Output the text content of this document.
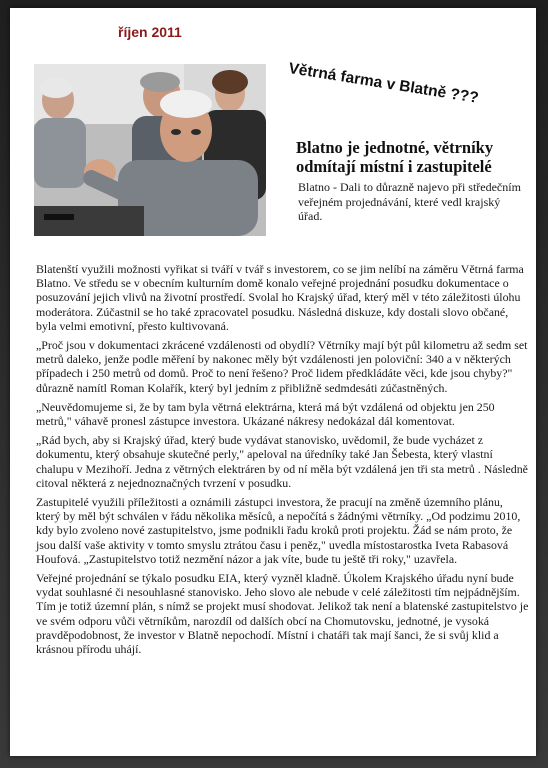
říjen 2011
Větrná farma v Blatně ???
Blatno je jednotné, větrníky odmítají místní i zastupitelé
Blatno - Dali to důrazně najevo při středečním veřejném projednávání, které vedl krajský úřad.

Blatenští využili možnosti vyřikat si tváří v tvář s investorem, co se jim nelíbí na záměru Větrná farma Blatno. Ve středu se v obecním kulturním domě konalo veřejné projednání posudku dokumentace o posuzování jejich vlivů na životní prostředí. Svolal ho Krajský úřad, který měl v této záležitosti úlohu moderátora. Zúčastnil se ho také zpracovatel posudku. Následná diskuze, kdy dostali slovo občané, byla velmi emotivní, přesto kultivovaná.

„Proč jsou v dokumentaci zkrácené vzdálenosti od obydlí? Větrníky mají být půl kilometru až sedm set metrů daleko, jenže podle měření by nakonec měly být vzdálenosti jen poloviční: 340 a v některých případech i 250 metrů od domů. Proč to není řešeno? Proč lidem předkládáte věci, kde jsou chyby?" důrazně namítl Roman Kolařík, který byl jedním z přibližně sedmdesáti zúčastněných.

„Neuvědomujeme si, že by tam byla větrná elektrárna, která má být vzdálená od objektu jen 250 metrů," váhavě pronesl zástupce investora. Ukázané nákresy nedokázal dál komentovat.

„Rád bych, aby si Krajský úřad, který bude vydávat stanovisko, uvědomil, že bude vycházet z dokumentu, který obsahuje skutečné perly," apeloval na úředníky také Jan Šebesta, který vlastní chalupu v Mezihoří. Jedna z větrných elektráren by od ní měla být vzdálená jen tři sta metrů . Následně citoval některá z nejednoznačných tvrzení v posudku.

Zastupitelé využili příležitosti a oznámili zástupci investora, že pracují na změně územního plánu, který by měl být schválen v řádu několika měsíců, a nepočítá s žádnými větrníky. „Od podzimu 2010, kdy bylo zvoleno nové zastupitelstvo, jsme podnikli řadu kroků proti projektu. Žád se nám proto, že jsou další vaše aktivity v tomto smyslu ztrátou času i peněz," uvedla místostarostka Iveta Rabasová Houfová. „Zastupitelstvo totiž nezmění názor a jak víte, bude tu ještě tři roky," uzavřela.

Veřejné projednání se týkalo posudku EIA, který vyzněl kladně. Úkolem Krajského úřadu nyní bude vydat souhlasné či nesouhlasné stanovisko. Jeho slovo ale nebude v celé záležitosti tím nejpádnějším. Tím je totiž územní plán, s nímž se projekt musí shodovat. Jelikož tak není a blatenské zastupitelstvo je ve svém odporu vůči větrníkům, narozdíl od dalších obcí na Chomutovsku, jednotné, je vysoká pravděpodobnost, že investor v Blatně nepochodí. Místní i chatáři tak mají šanci, že si svůj klid a krásnou přírodu uhájí.
